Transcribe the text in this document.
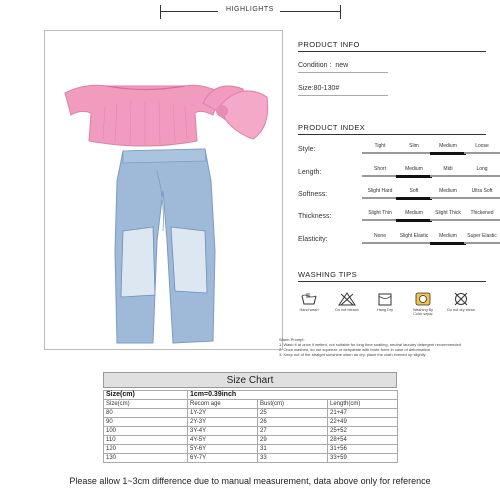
HIGHLIGHTS
PRODUCT INFO
Condition :  new
Size:80-130#
PRODUCT INDEX
Style:	Tight	Slim	Medium	Loose
Length:	Short	Medium	Midi	Long
Softness:	Slight Hard	Soft	Medium	Ultra Soft
Thickness:	Slight Thin	Medium	Slight Thick	Thickened
Elasticity:	None	Slight Elastic	Medium	Super Elastic
WASHING TIPS
Hand wash	Do not bleach	Hang Dry	Washing By Color separ
Do not dry clean
Warm Prompt:
1. Wash it at once if wetted, not suitable for long time soaking, neutral laundry detergent recommended
2. Once washed, do not squeeze or dehydrate with brute force in case of deformation
3. Keep out of the straight sunshine when air dry, place the cloth evened up slightly
Size Chart
Size(cm)	1cm=0.39inch		
Size(cm)	Recom age	Bust(cm)	Length(cm)
80	1Y-2Y	25	21+47
90	2Y-3Y	26	22+49
100	3Y-4Y	27	25+52
110	4Y-5Y	29	28+54
120	5Y-6Y	31	31+56
130	6Y-7Y	33	33+59
Please allow 1~3cm difference due to manual measurement, data above only for reference
